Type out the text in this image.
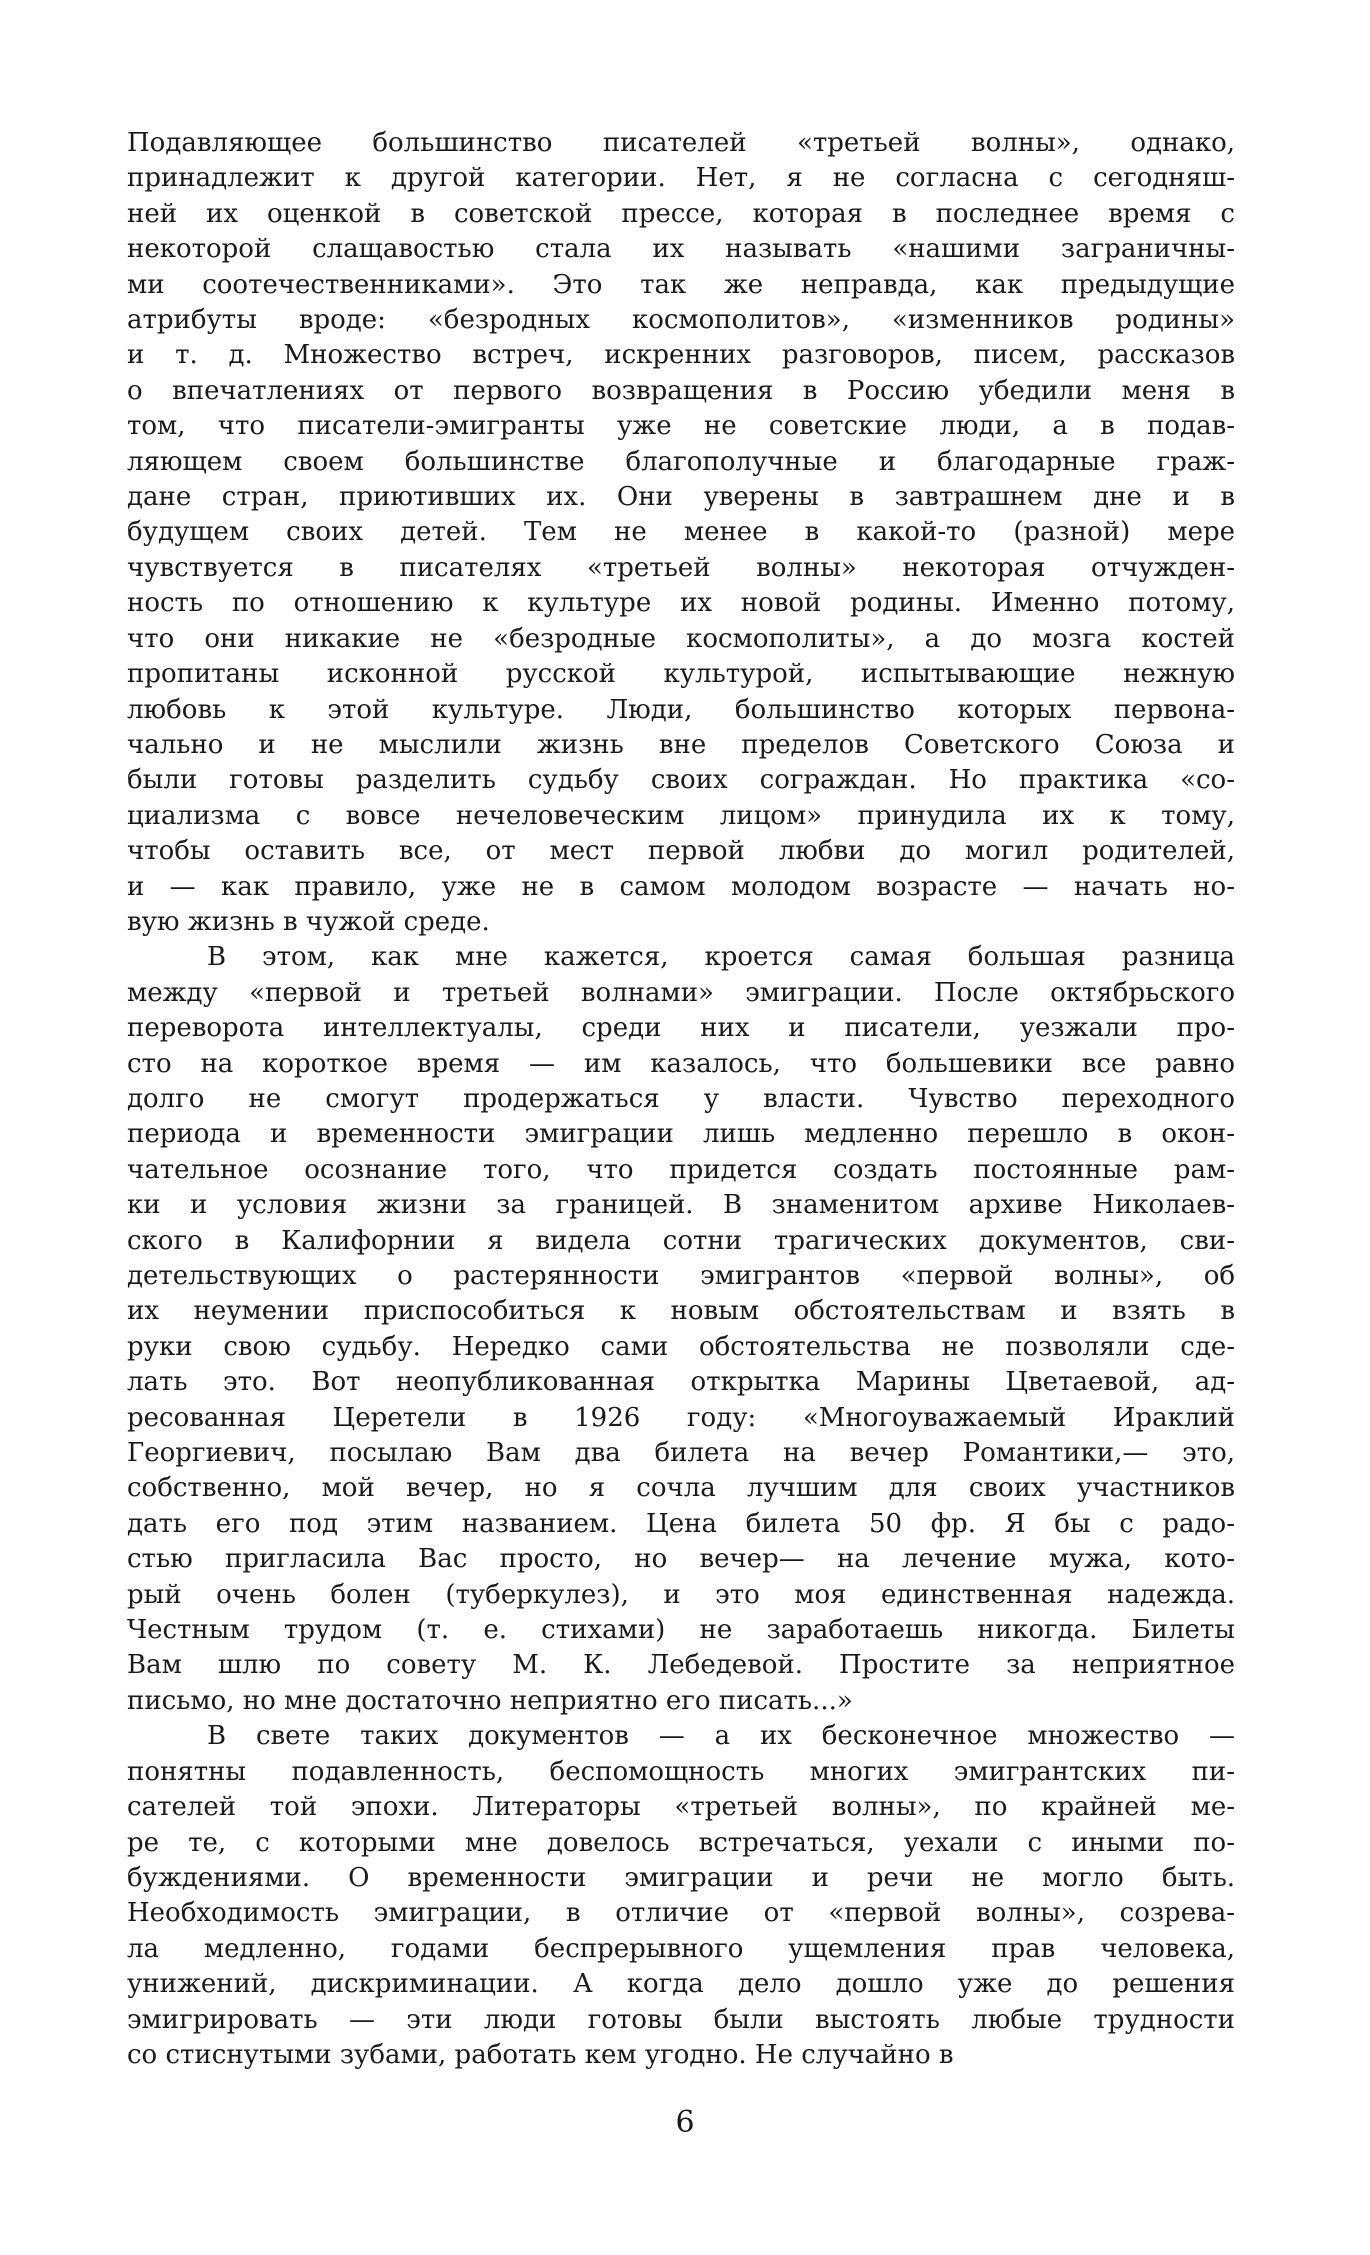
Подавляющее большинство писателей «третьей волны», однако,
принадлежит к другой категории. Нет, я не согласна с сегодняш-
ней их оценкой в советской прессе, которая в последнее время с
некоторой слащавостью стала их называть «нашими заграничны-
ми соотечественниками». Это так же неправда, как предыдущие
атрибуты вроде: «безродных космополитов», «изменников родины»
и т. д. Множество встреч, искренних разговоров, писем, рассказов
о впечатлениях от первого возвращения в Россию убедили меня в
том, что писатели-эмигранты уже не советские люди, а в подав-
ляющем своем большинстве благополучные и благодарные граж-
дане стран, приютивших их. Они уверены в завтрашнем дне и в
будущем своих детей. Тем не менее в какой-то (разной) мере
чувствуется в писателях «третьей волны» некоторая отчужден-
ность по отношению к культуре их новой родины. Именно потому,
что они никакие не «безродные космополиты», а до мозга костей
пропитаны исконной русской культурой, испытывающие нежную
любовь к этой культуре. Люди, большинство которых первона-
чально и не мыслили жизнь вне пределов Советского Союза и
были готовы разделить судьбу своих сограждан. Но практика «со-
циализма с вовсе нечеловеческим лицом» принудила их к тому,
чтобы оставить все, от мест первой любви до могил родителей,
и — как правило, уже не в самом молодом возрасте — начать но-
вую жизнь в чужой среде.

В этом, как мне кажется, кроется самая большая разница
между «первой и третьей волнами» эмиграции. После октябрьского
переворота интеллектуалы, среди них и писатели, уезжали про-
сто на короткое время — им казалось, что большевики все равно
долго не смогут продержаться у власти. Чувство переходного
периода и временности эмиграции лишь медленно перешло в окон-
чательное осознание того, что придется создать постоянные рам-
ки и условия жизни за границей. В знаменитом архиве Николаев-
ского в Калифорнии я видела сотни трагических документов, сви-
детельствующих о растерянности эмигрантов «первой волны», об
их неумении приспособиться к новым обстоятельствам и взять в
руки свою судьбу. Нередко сами обстоятельства не позволяли сде-
лать это. Вот неопубликованная открытка Марины Цветаевой, ад-
ресованная Церетели в 1926 году: «Многоуважаемый Ираклий
Георгиевич, посылаю Вам два билета на вечер Романтики,— это,
собственно, мой вечер, но я сочла лучшим для своих участников
дать его под этим названием. Цена билета 50 фр. Я бы с радо-
стью пригласила Вас просто, но вечер— на лечение мужа, кото-
рый очень болен (туберкулез), и это моя единственная надежда.
Честным трудом (т. е. стихами) не заработаешь никогда. Билеты
Вам шлю по совету М. К. Лебедевой. Простите за неприятное
письмо, но мне достаточно неприятно его писать...»

В свете таких документов — а их бесконечное множество —
понятны подавленность, беспомощность многих эмигрантских пи-
сателей той эпохи. Литераторы «третьей волны», по крайней ме-
ре те, с которыми мне довелось встречаться, уехали с иными по-
буждениями. О временности эмиграции и речи не могло быть.
Необходимость эмиграции, в отличие от «первой волны», созрева-
ла медленно, годами беспрерывного ущемления прав человека,
унижений, дискриминации. А когда дело дошло уже до решения
эмигрировать — эти люди готовы были выстоять любые трудности
со стиснутыми зубами, работать кем угодно. Не случайно в

6
